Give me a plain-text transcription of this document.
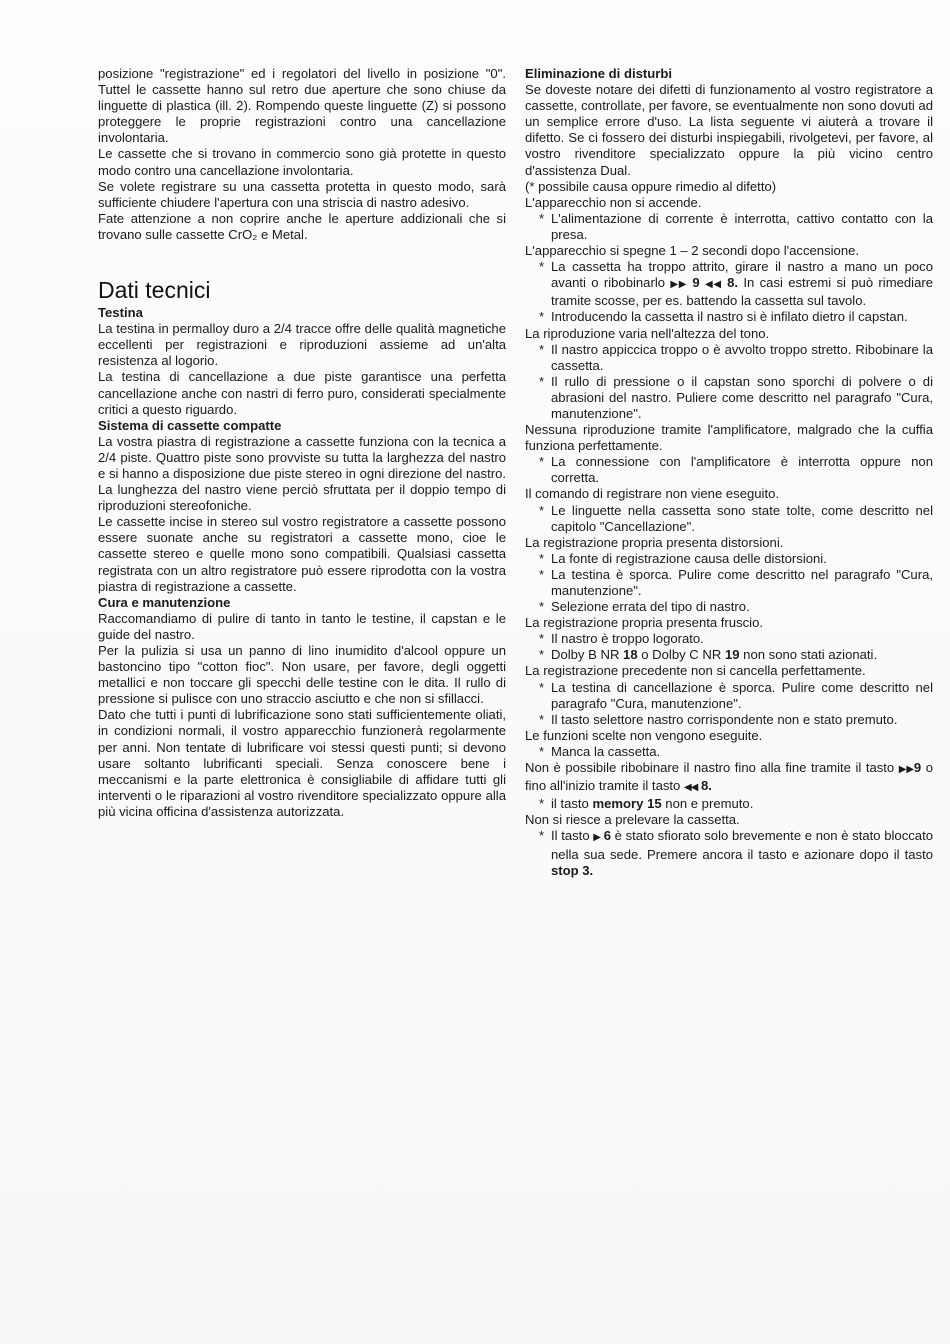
posizione "registrazione" ed i regolatori del livello in posizione "0". Tuttel le cassette hanno sul retro due aperture che sono chiuse da linguette di plastica (ill. 2). Rompendo queste linguette (Z) si possono proteggere le proprie registrazioni contro una cancellazione involontaria.

Le cassette che si trovano in commercio sono già protette in questo modo contro una cancellazione involontaria.

Se volete registrare su una cassetta protetta in questo modo, sarà sufficiente chiudere l'apertura con una striscia di nastro adesivo.

Fate attenzione a non coprire anche le aperture addizionali che si trovano sulle cassette CrO₂ e Metal.

Dati tecnici

Testina

La testina in permalloy duro a 2/4 tracce offre delle qualità magnetiche eccellenti per registrazioni e riproduzioni assieme ad un'alta resistenza al logorio.

La testina di cancellazione a due piste garantisce una perfetta cancellazione anche con nastri di ferro puro, considerati specialmente critici a questo riguardo.

Sistema di cassette compatte

La vostra piastra di registrazione a cassette funziona con la tecnica a 2/4 piste. Quattro piste sono provviste su tutta la larghezza del nastro e si hanno a disposizione due piste stereo in ogni direzione del nastro. La lunghezza del nastro viene perciò sfruttata per il doppio tempo di riproduzioni stereofoniche.

Le cassette incise in stereo sul vostro registratore a cassette possono essere suonate anche su registratori a cassette mono, cioe le cassette stereo e quelle mono sono compatibili. Qualsiasi cassetta registrata con un altro registratore può essere riprodotta con la vostra piastra di registrazione a cassette.

Cura e manutenzione

Raccomandiamo di pulire di tanto in tanto le testine, il capstan e le guide del nastro.

Per la pulizia si usa un panno di lino inumidito d'alcool oppure un bastoncino tipo "cotton fioc". Non usare, per favore, degli oggetti metallici e non toccare gli specchi delle testine con le dita. Il rullo di pressione si pulisce con uno straccio asciutto e che non si sfillacci.

Dato che tutti i punti di lubrificazione sono stati sufficientemente oliati, in condizioni normali, il vostro apparecchio funzionerà regolarmente per anni. Non tentate di lubrificare voi stessi questi punti; si devono usare soltanto lubrificanti speciali. Senza conoscere bene i meccanismi e la parte elettronica è consigliabile di affidare tutti gli interventi o le riparazioni al vostro rivenditore specializzato oppure alla più vicina officina d'assistenza autorizzata.

Eliminazione di disturbi

Se doveste notare dei difetti di funzionamento al vostro registratore a cassette, controllate, per favore, se eventualmente non sono dovuti ad un semplice errore d'uso. La lista seguente vi aiuterà a trovare il difetto. Se ci fossero dei disturbi inspiegabili, rivolgetevi, per favore, al vostro rivenditore specializzato oppure la più vicino centro d'assistenza Dual.

(* possibile causa oppure rimedio al difetto)

L'apparecchio non si accende.

* L'alimentazione di corrente è interrotta, cattivo contatto con la presa.

L'apparecchio si spegne 1 – 2 secondi dopo l'accensione.

* La cassetta ha troppo attrito, girare il nastro a mano un poco avanti o ribobinarlo ▶▶ 9 ◀◀ 8. In casi estremi si può rimediare tramite scosse, per es. battendo la cassetta sul tavolo.

* Introducendo la cassetta il nastro si è infilato dietro il capstan.

La riproduzione varia nell'altezza del tono.

* Il nastro appiccica troppo o è avvolto troppo stretto. Ribobinare la cassetta.

* Il rullo di pressione o il capstan sono sporchi di polvere o di abrasioni del nastro. Puliere come descritto nel paragrafo "Cura, manutenzione".

Nessuna riproduzione tramite l'amplificatore, malgrado che la cuffia funziona perfettamente.

* La connessione con l'amplificatore è interrotta oppure non corretta.

Il comando di registrare non viene eseguito.

* Le linguette nella cassetta sono state tolte, come descritto nel capitolo "Cancellazione".

La registrazione propria presenta distorsioni.

* La fonte di registrazione causa delle distorsioni.

* La testina è sporca. Pulire come descritto nel paragrafo "Cura, manutenzione".

* Selezione errata del tipo di nastro.

La registrazione propria presenta fruscio.

* Il nastro è troppo logorato.

* Dolby B NR 18 o Dolby C NR 19 non sono stati azionati.

La registrazione precedente non si cancella perfettamente.

* La testina di cancellazione è sporca. Pulire come descritto nel paragrafo "Cura, manutenzione".

* Il tasto selettore nastro corrispondente non e stato premuto.

Le funzioni scelte non vengono eseguite.

* Manca la cassetta.

Non è possibile ribobinare il nastro fino alla fine tramite il tasto ▶▶9 o fino all'inizio tramite il tasto ◀◀ 8.

* il tasto memory 15 non e premuto.

Non si riesce a prelevare la cassetta.

* Il tasto ▶ 6 è stato sfiorato solo brevemente e non è stato bloccato nella sua sede. Premere ancora il tasto e azionare dopo il tasto stop 3.
